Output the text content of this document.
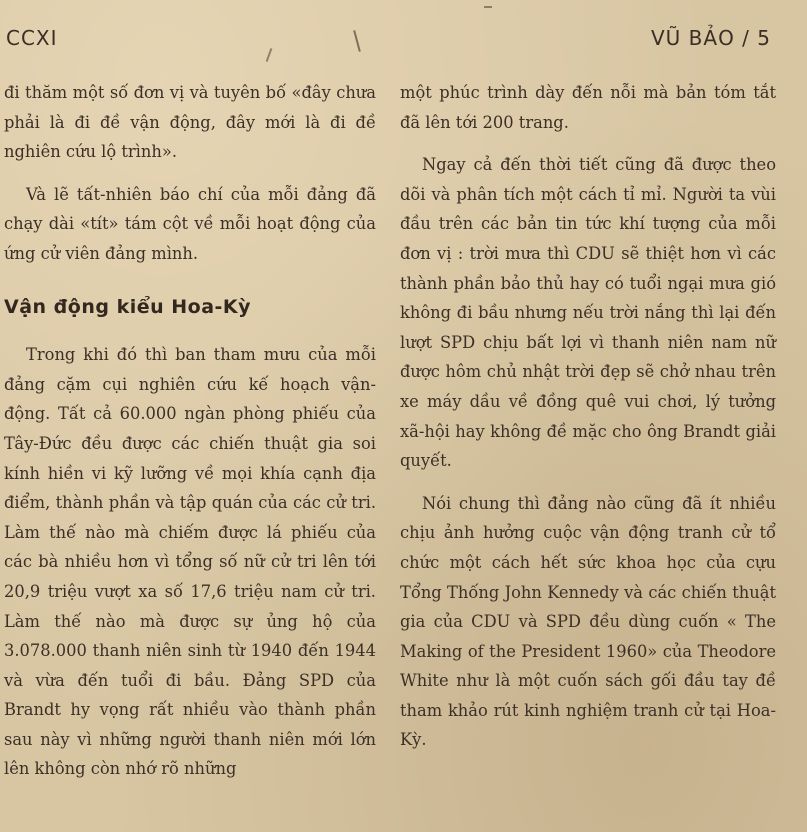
CCXI	VŨ BẢO / 5

đi thăm một số đơn vị và tuyên bố «đây chưa phải là đi đề vận động, đây mới là đi đề nghiên cứu lộ trình».

Và lẽ tất-nhiên báo chí của mỗi đảng đã chạy dài «tít» tám cột về mỗi hoạt động của ứng cử viên đảng mình.

Vận động kiểu Hoa-Kỳ

Trong khi đó thì ban tham mưu của mỗi đảng cặm cụi nghiên cứu kế hoạch vận-động. Tất cả 60.000 ngàn phòng phiếu của Tây-Đức đều được các chiến thuật gia soi kính hiền vi kỹ lưỡng về mọi khía cạnh địa điểm, thành phần và tập quán của các cử tri. Làm thế nào mà chiếm được lá phiếu của các bà nhiều hơn vì tổng số nữ cử tri lên tới 20,9 triệu vượt xa số 17,6 triệu nam cử tri. Làm thế nào mà được sự ủng hộ của 3.078.000 thanh niên sinh từ 1940 đến 1944 và vừa đến tuổi đi bầu. Đảng SPD của Brandt hy vọng rất nhiều vào thành phần sau này vì những người thanh niên mới lớn lên không còn nhớ rõ những

một phúc trình dày đến nỗi mà bản tóm tắt đã lên tới 200 trang.

Ngay cả đến thời tiết cũng đã được theo dõi và phân tích một cách tỉ mỉ. Người ta vùi đầu trên các bản tin tức khí tượng của mỗi đơn vị : trời mưa thì CDU sẽ thiệt hơn vì các thành phần bảo thủ hay có tuổi ngại mưa gió không đi bầu nhưng nếu trời nắng thì lại đến lượt SPD chịu bất lợi vì thanh niên nam nữ được hôm chủ nhật trời đẹp sẽ chở nhau trên xe máy dầu về đồng quê vui chơi, lý tưởng xã-hội hay không đề mặc cho ông Brandt giải quyết.

Nói chung thì đảng nào cũng đã ít nhiều chịu ảnh hưởng cuộc vận động tranh cử tổ chức một cách hết sức khoa học của cựu Tổng Thống John Kennedy và các chiến thuật gia của CDU và SPD đều dùng cuốn « The Making of the President 1960» của Theodore White như là một cuốn sách gối đầu tay đề tham khảo rút kinh nghiệm tranh cử tại Hoa-Kỳ.
